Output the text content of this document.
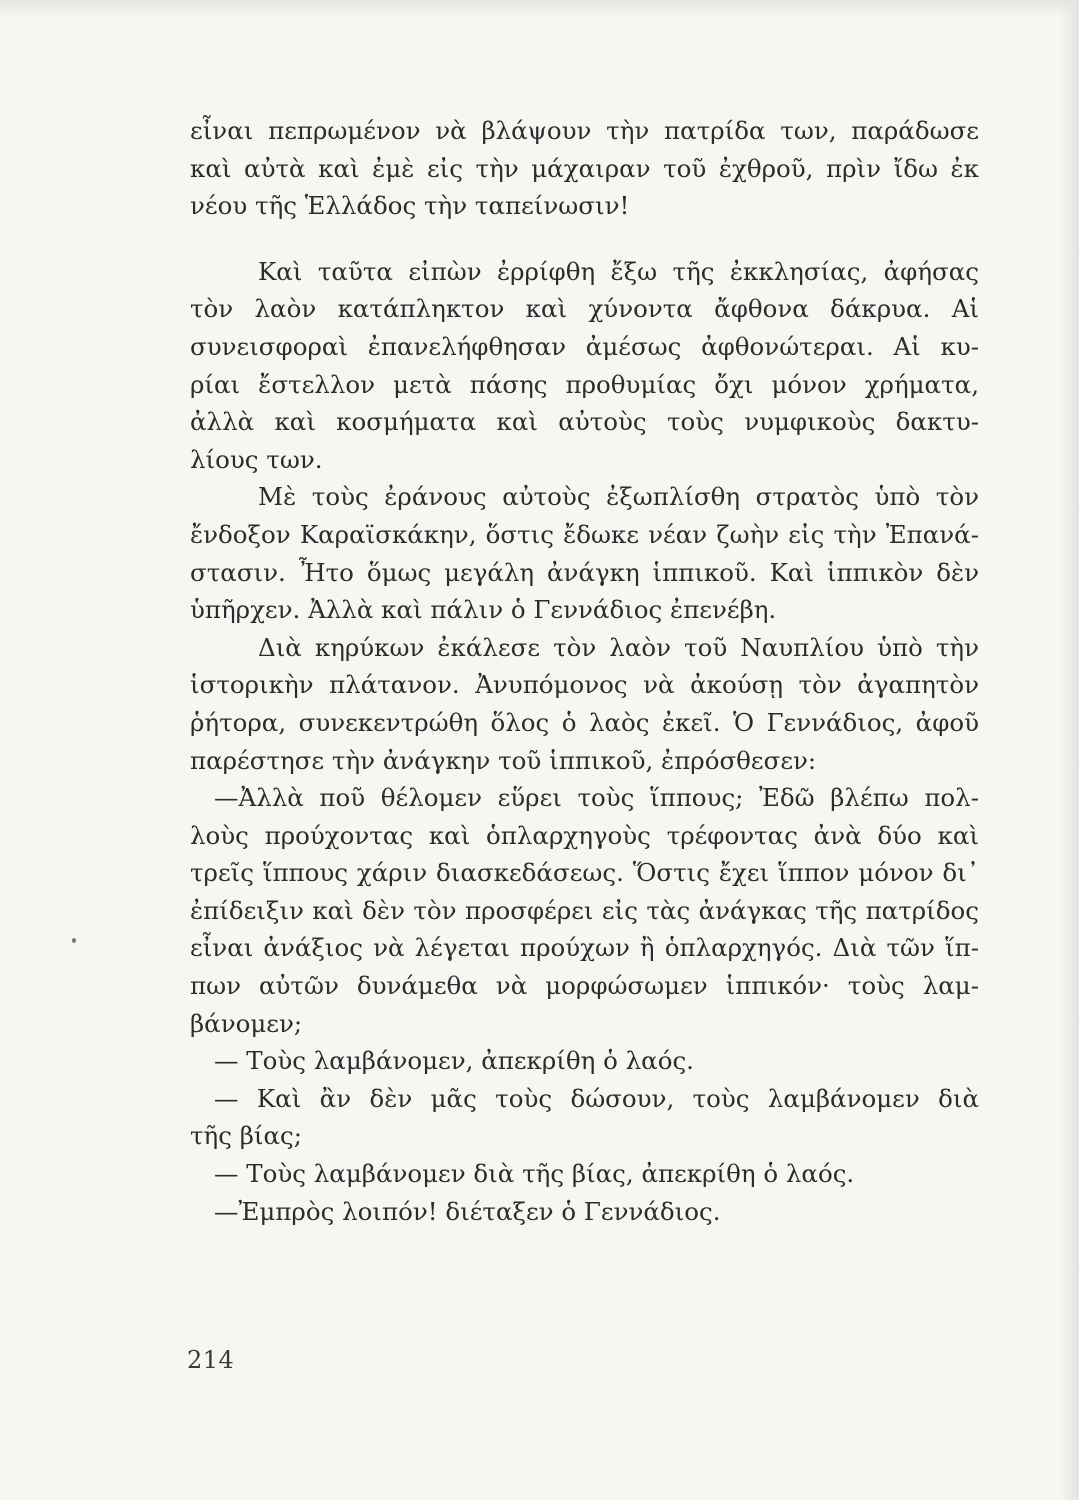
εἶναι πεπρωμένον νὰ βλάψουν τὴν πατρίδα των, παράδωσε
καὶ αὐτὰ καὶ ἐμὲ εἰς τὴν μάχαιραν τοῦ ἐχθροῦ, πρὶν ἴδω ἐκ
νέου τῆς Ἑλλάδος τὴν ταπείνωσιν!
Καὶ ταῦτα εἰπὼν ἐρρίφθη ἔξω τῆς ἐκκλησίας, ἀφήσας
τὸν λαὸν κατάπληκτον καὶ χύνοντα ἄφθονα δάκρυα. Αἱ
συνεισφοραὶ ἐπανελήφθησαν ἀμέσως ἀφθονώτεραι. Αἱ κυ-
ρίαι ἔστελλον μετὰ πάσης προθυμίας ὄχι μόνον χρήματα,
ἀλλὰ καὶ κοσμήματα καὶ αὐτοὺς τοὺς νυμφικοὺς δακτυ-
λίους των.
Μὲ τοὺς ἐράνους αὐτοὺς ἐξωπλίσθη στρατὸς ὑπὸ τὸν
ἔνδοξον Καραϊσκάκην, ὅστις ἔδωκε νέαν ζωὴν εἰς τὴν Ἐπανά-
στασιν. Ἦτο ὅμως μεγάλη ἀνάγκη ἱππικοῦ. Καὶ ἱππικὸν δὲν
ὑπῆρχεν. Ἀλλὰ καὶ πάλιν ὁ Γεννάδιος ἐπενέβη.
Διὰ κηρύκων ἐκάλεσε τὸν λαὸν τοῦ Ναυπλίου ὑπὸ τὴν
ἱστορικὴν πλάτανον. Ἀνυπόμονος νὰ ἀκούσῃ τὸν ἀγαπητὸν
ῥήτορα, συνεκεντρώθη ὅλος ὁ λαὸς ἐκεῖ. Ὁ Γεννάδιος, ἀφοῦ
παρέστησε τὴν ἀνάγκην τοῦ ἱππικοῦ, ἐπρόσθεσεν:
—Ἀλλὰ ποῦ θέλομεν εὕρει τοὺς ἵππους; Ἐδῶ βλέπω πολ-
λοὺς προύχοντας καὶ ὁπλαρχηγοὺς τρέφοντας ἀνὰ δύο καὶ
τρεῖς ἵππους χάριν διασκεδάσεως. Ὅστις ἔχει ἵππον μόνον δι᾽
ἐπίδειξιν καὶ δὲν τὸν προσφέρει εἰς τὰς ἀνάγκας τῆς πατρίδος
εἶναι ἀνάξιος νὰ λέγεται προύχων ἢ ὁπλαρχηγός. Διὰ τῶν ἵπ-
πων αὐτῶν δυνάμεθα νὰ μορφώσωμεν ἱππικόν· τοὺς λαμ-
βάνομεν;
— Τοὺς λαμβάνομεν, ἀπεκρίθη ὁ λαός.
— Καὶ ἂν δὲν μᾶς τοὺς δώσουν, τοὺς λαμβάνομεν διὰ
τῆς βίας;
— Τοὺς λαμβάνομεν διὰ τῆς βίας, ἀπεκρίθη ὁ λαός.
—Ἐμπρὸς λοιπόν! διέταξεν ὁ Γεννάδιος.
214
